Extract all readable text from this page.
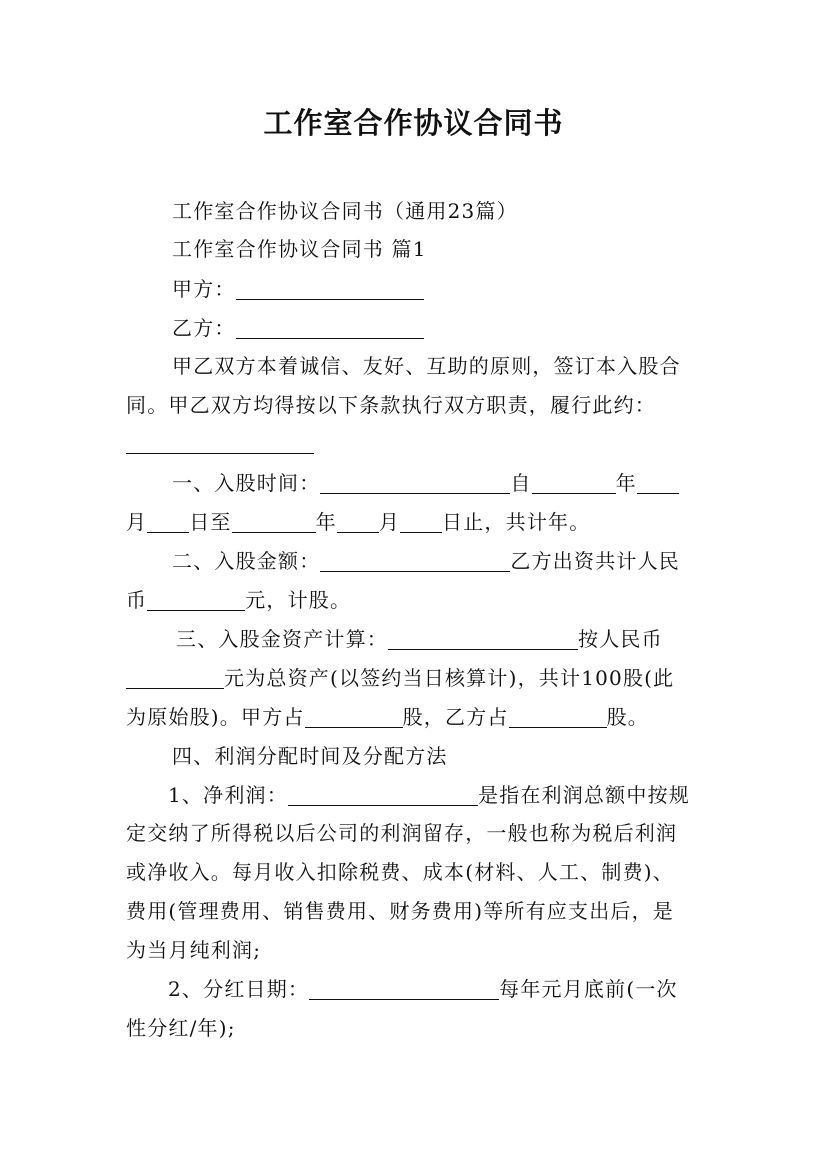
工作室合作协议合同书
工作室合作协议合同书（通用23篇）
工作室合作协议合同书 篇1
甲方：
乙方：
甲乙双方本着诚信、友好、互助的原则，签订本入股合
同。甲乙双方均得按以下条款执行双方职责，履行此约：
一、入股时间：	自	年
月 日至	年 月 日止，共计年。
二、入股金额：	乙方出资共计人民
币	元，计股。
三、入股金资产计算：	按人民币
元为总资产(以签约当日核算计)，共计100股(此
为原始股)。甲方占	股，乙方占	股。
四、利润分配时间及分配方法
1、净利润：	是指在利润总额中按规
定交纳了所得税以后公司的利润留存，一般也称为税后利润
或净收入。每月收入扣除税费、成本(材料、人工、制费)、
费用(管理费用、销售费用、财务费用)等所有应支出后，是
为当月纯利润;
2、分红日期：	每年元月底前(一次
性分红/年);
